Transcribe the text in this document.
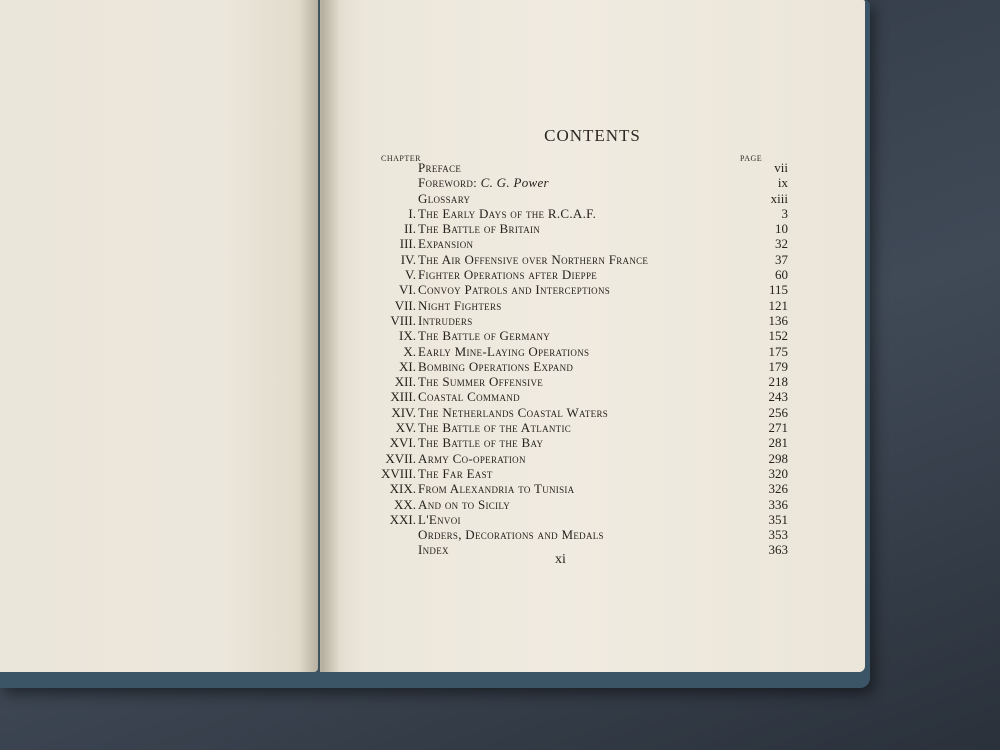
CONTENTS
CHAPTER	PAGE
Preface	vii
Foreword: C. G. Power	ix
Glossary	xiii
I. The Early Days of the R.C.A.F.	3
II. The Battle of Britain	10
III. Expansion	32
IV. The Air Offensive over Northern France	37
V. Fighter Operations after Dieppe	60
VI. Convoy Patrols and Interceptions	115
VII. Night Fighters	121
VIII. Intruders	136
IX. The Battle of Germany	152
X. Early Mine-Laying Operations	175
XI. Bombing Operations Expand	179
XII. The Summer Offensive	218
XIII. Coastal Command	243
XIV. The Netherlands Coastal Waters	256
XV. The Battle of the Atlantic	271
XVI. The Battle of the Bay	281
XVII. Army Co-operation	298
XVIII. The Far East	320
XIX. From Alexandria to Tunisia	326
XX. And on to Sicily	336
XXI. L'Envoi	351
Orders, Decorations and Medals	353
Index	363
xi
